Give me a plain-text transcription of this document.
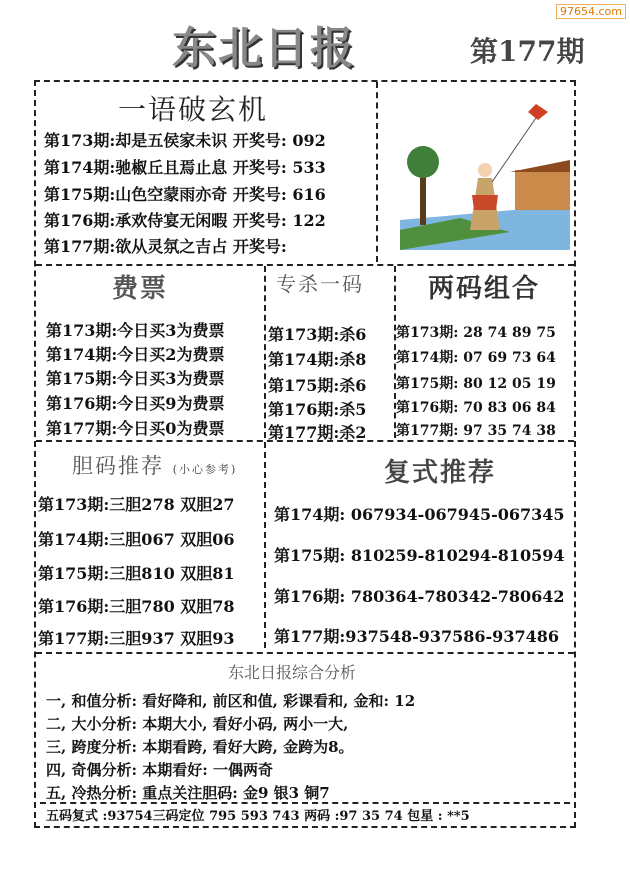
97654.com
东北日报	第177期
一语破玄机
第173期:却是五侯家未识 开奖号: 092
第174期:驰椒丘且焉止息 开奖号: 533
第175期:山色空蒙雨亦奇 开奖号: 616
第176期:承欢侍宴无闲暇 开奖号: 122
第177期:欲从灵氛之吉占 开奖号:
费票
第173期:今日买3为费票
第174期:今日买2为费票
第175期:今日买3为费票
第176期:今日买9为费票
第177期:今日买0为费票
专杀一码
第173期:杀6
第174期:杀8
第175期:杀6
第176期:杀5
第177期:杀2
两码组合
第173期: 28 74 89 75
第174期: 07 69 73 64
第175期: 80 12 05 19
第176期: 70 83 06 84
第177期: 97 35 74 38
胆码推荐 (小心参考)
第173期:三胆278 双胆27
第174期:三胆067 双胆06
第175期:三胆810 双胆81
第176期:三胆780 双胆78
第177期:三胆937 双胆93
复式推荐
第174期: 067934-067945-067345
第175期: 810259-810294-810594
第176期: 780364-780342-780642
第177期:937548-937586-937486
东北日报综合分析
一, 和值分析: 看好降和, 前区和值, 彩课看和, 金和: 12
二, 大小分析: 本期大小, 看好小码, 两小一大,
三, 跨度分析: 本期看跨, 看好大跨, 金跨为8。
四, 奇偶分析: 本期看好: 一偶两奇
五, 冷热分析: 重点关注胆码: 金9 银3 铜7
五码复式 :93754三码定位 795 593 743 两码 :97 35 74 包星 : **5
